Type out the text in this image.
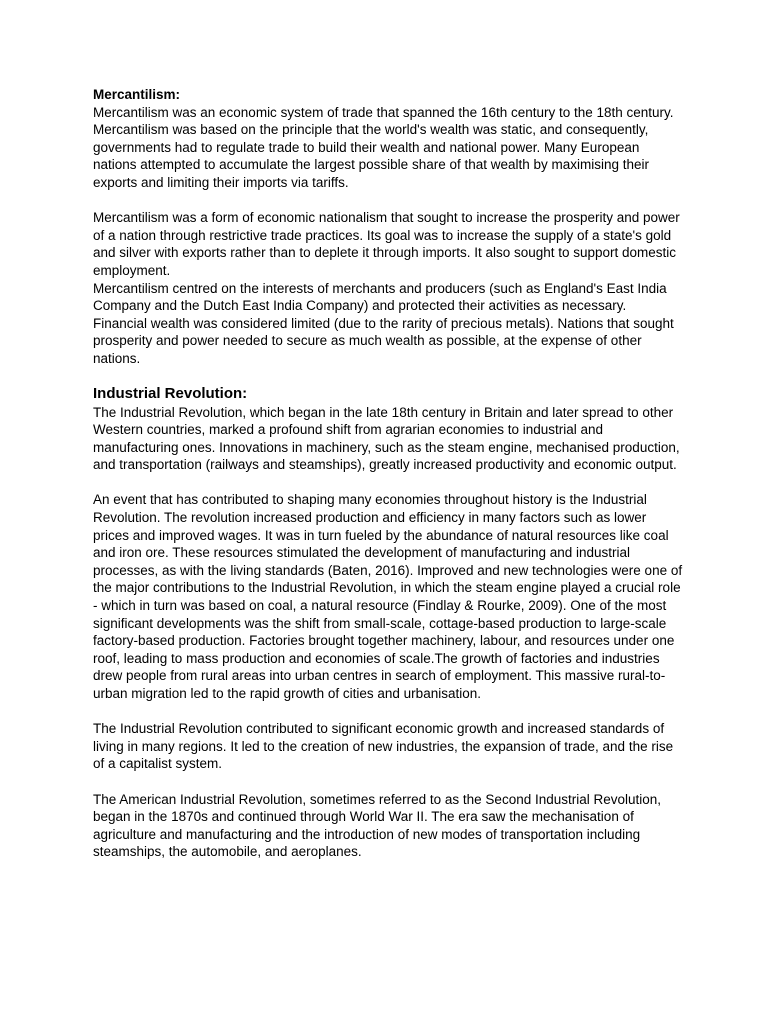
Mercantilism:

Mercantilism was an economic system of trade that spanned the 16th century to the 18th century. Mercantilism was based on the principle that the world's wealth was static, and consequently, governments had to regulate trade to build their wealth and national power. Many European nations attempted to accumulate the largest possible share of that wealth by maximising their exports and limiting their imports via tariffs.

Mercantilism was a form of economic nationalism that sought to increase the prosperity and power of a nation through restrictive trade practices. Its goal was to increase the supply of a state's gold and silver with exports rather than to deplete it through imports. It also sought to support domestic employment.

Mercantilism centred on the interests of merchants and producers (such as England's East India Company and the Dutch East India Company) and protected their activities as necessary.

Financial wealth was considered limited (due to the rarity of precious metals). Nations that sought prosperity and power needed to secure as much wealth as possible, at the expense of other nations.

Industrial Revolution:

The Industrial Revolution, which began in the late 18th century in Britain and later spread to other Western countries, marked a profound shift from agrarian economies to industrial and manufacturing ones. Innovations in machinery, such as the steam engine, mechanised production, and transportation (railways and steamships), greatly increased productivity and economic output.

An event that has contributed to shaping many economies throughout history is the Industrial Revolution. The revolution increased production and efficiency in many factors such as lower prices and improved wages. It was in turn fueled by the abundance of natural resources like coal and iron ore. These resources stimulated the development of manufacturing and industrial processes, as with the living standards (Baten, 2016). Improved and new technologies were one of the major contributions to the Industrial Revolution, in which the steam engine played a crucial role - which in turn was based on coal, a natural resource (Findlay & Rourke, 2009). One of the most significant developments was the shift from small-scale, cottage-based production to large-scale factory-based production. Factories brought together machinery, labour, and resources under one roof, leading to mass production and economies of scale.The growth of factories and industries drew people from rural areas into urban centres in search of employment. This massive rural-to-urban migration led to the rapid growth of cities and urbanisation.

The Industrial Revolution contributed to significant economic growth and increased standards of living in many regions. It led to the creation of new industries, the expansion of trade, and the rise of a capitalist system.

The American Industrial Revolution, sometimes referred to as the Second Industrial Revolution, began in the 1870s and continued through World War II. The era saw the mechanisation of agriculture and manufacturing and the introduction of new modes of transportation including steamships, the automobile, and aeroplanes.
